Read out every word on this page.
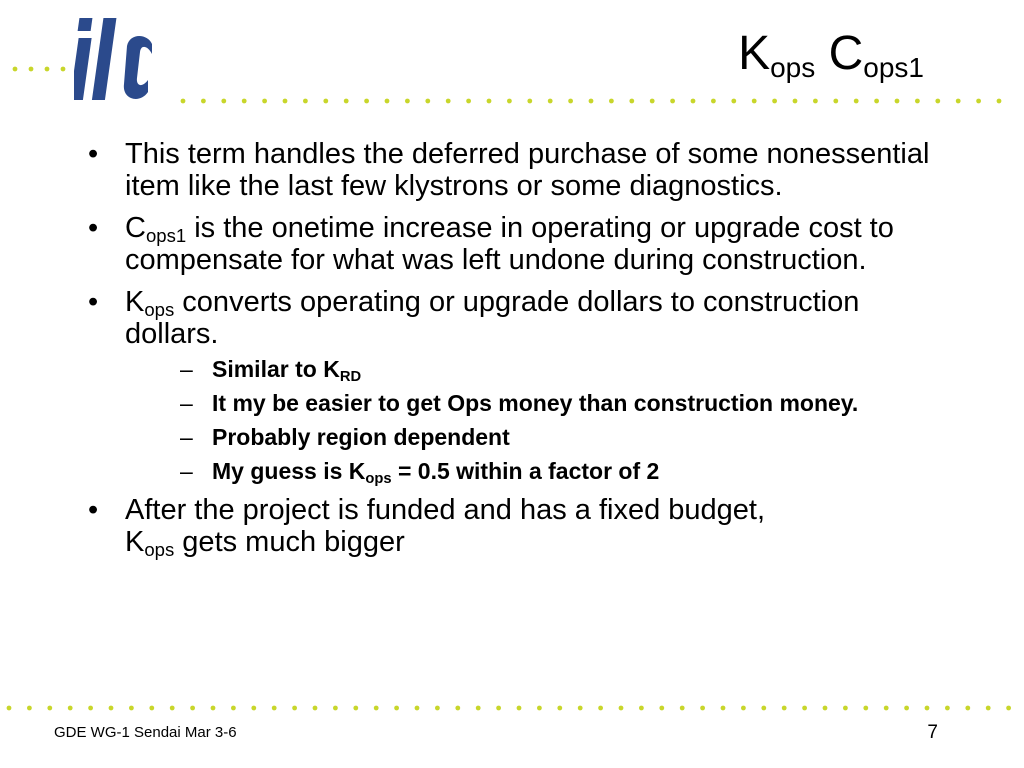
$K_{ops}$ $C_{ops1}$
• This term handles the deferred purchase of some nonessential item like the last few klystrons or some diagnostics.
• $C_{ops1}$ is the onetime increase in operating or upgrade cost to compensate for what was left undone during construction.
• $K_{ops}$ converts operating or upgrade dollars to construction dollars.
– Similar to $K_{RD}$
– It my be easier to get Ops money than construction money.
– Probably region dependent
– My guess is $K_{ops} = 0.5$ within a factor of 2
• After the project is funded and has a fixed budget,
$K_{ops}$ gets much bigger
GDE WG-1 Sendai Mar 3-6	7
